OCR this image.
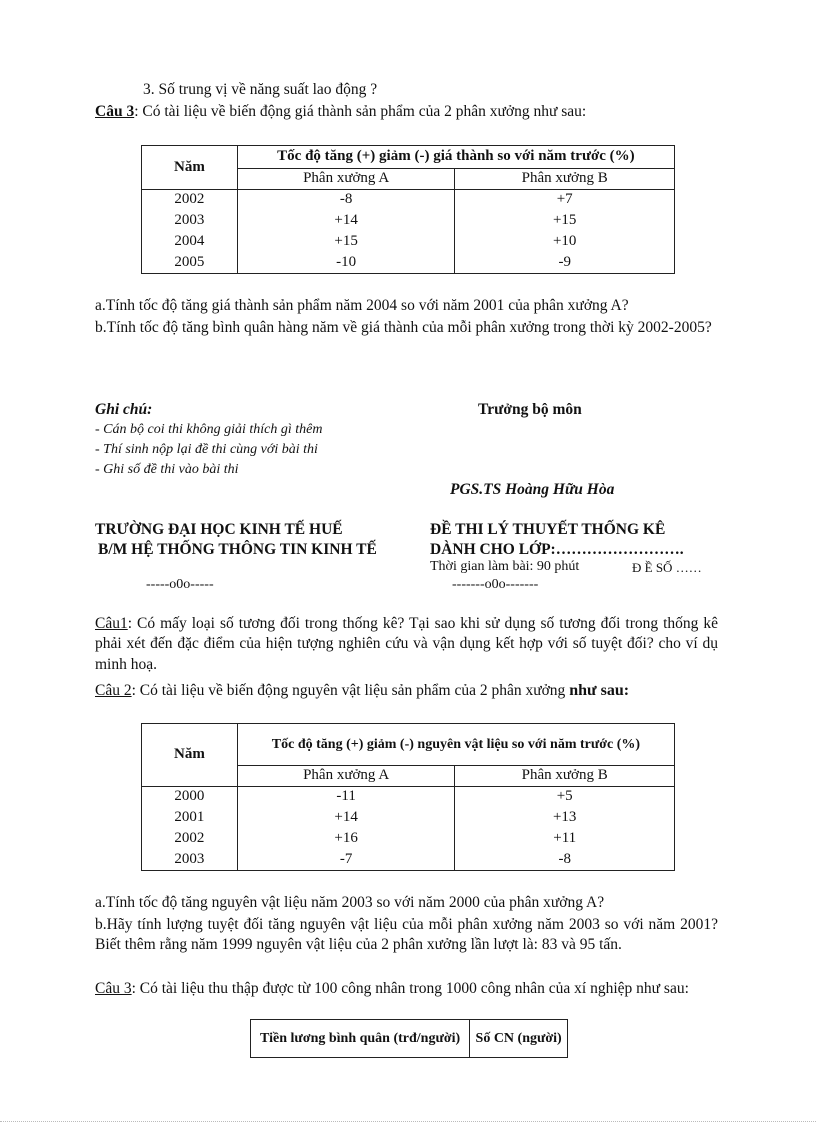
3. Số trung vị về năng suất lao động ?
Câu 3: Có tài liệu về biến động giá thành sản phẩm của 2 phân xưởng như sau:
Năm	Tốc độ tăng (+) giảm (-) giá thành so với năm trước (%)	
	Phân xưởng A	Phân xưởng B
2002	-8	+7
2003	+14	+15
2004	+15	+10
2005	-10	-9
a.Tính tốc độ tăng giá thành sản phẩm năm 2004 so với năm 2001 của phân xưởng A?
b.Tính tốc độ tăng bình quân hàng năm về giá thành của mỗi phân xưởng trong thời kỳ 2002-2005?
Ghi chú:
- Cán bộ coi thi không giải thích gì thêm
- Thí sinh nộp lại đề thi cùng với bài thi
- Ghi số đề thi vào bài thi
Trưởng bộ môn
PGS.TS Hoàng Hữu Hòa
TRƯỜNG ĐẠI HỌC KINH TẾ HUẾ
B/M HỆ THỐNG THÔNG TIN KINH TẾ
-----o0o-----
ĐỀ THI LÝ THUYẾT THỐNG KÊ
DÀNH CHO LỚP:…………………….
Thời gian làm bài: 90 phút	Đ Ề SỐ ……
-------o0o-------
Câu1: Có mấy loại số tương đối trong thống kê? Tại sao khi sử dụng số tương đối trong thống kê phải xét đến đặc điểm của hiện tượng nghiên cứu và vận dụng kết hợp với số tuyệt đối? cho ví dụ minh hoạ.
Câu 2: Có tài liệu về biến động nguyên vật liệu sản phẩm của 2 phân xưởng như sau:
Năm	Tốc độ tăng (+) giảm (-) nguyên vật liệu so với năm trước (%)	
	Phân xưởng A	Phân xưởng B
2000	-11	+5
2001	+14	+13
2002	+16	+11
2003	-7	-8
a.Tính tốc độ tăng nguyên vật liệu năm 2003 so với năm 2000 của phân xưởng A?
b.Hãy tính lượng tuyệt đối tăng nguyên vật liệu của mỗi phân xưởng năm 2003 so với năm 2001? Biết thêm rằng năm 1999 nguyên vật liệu của 2 phân xưởng lần lượt là: 83 và 95 tấn.
Câu 3: Có tài liệu thu thập được từ 100 công nhân trong 1000 công nhân của xí nghiệp như sau:
Tiền lương bình quân (trđ/người)	Số CN (người)
